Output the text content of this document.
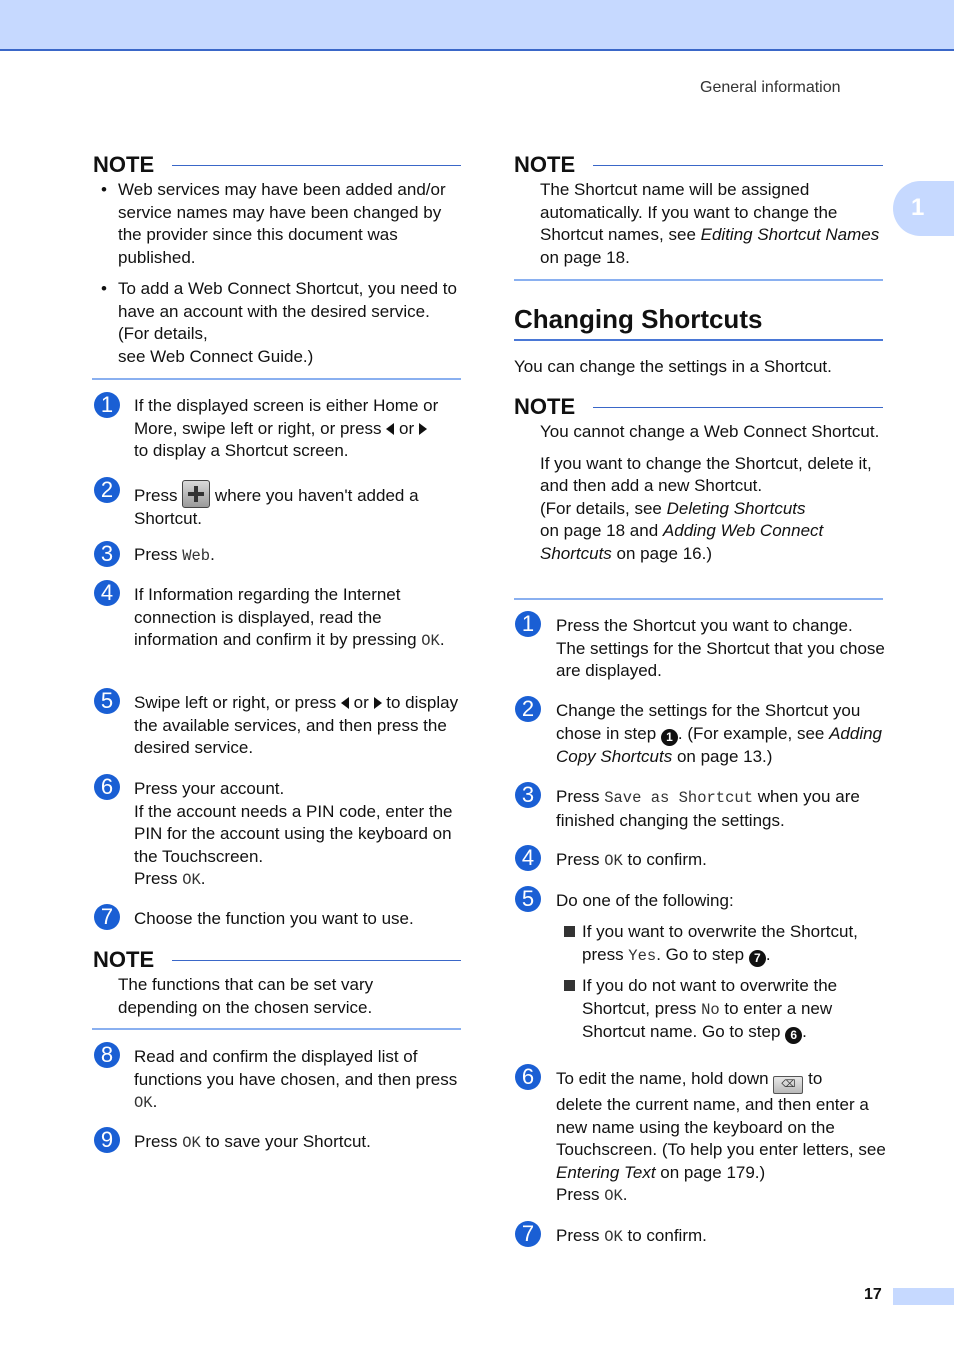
General information
1
NOTE
• Web services may have been added and/or service names may have been changed by the provider since this document was published.
• To add a Web Connect Shortcut, you need to have an account with the desired service. (For details,
see Web Connect Guide.)
1	If the displayed screen is either Home or More, swipe left or right, or press  or
to display a Shortcut screen.
2	Press  where you haven't added a Shortcut.
3	Press Web.
4	If Information regarding the Internet connection is displayed, read the information and confirm it by pressing OK.
5	Swipe left or right, or press  or to display the available services, and then press the desired service.
6	Press your account.
If the account needs a PIN code, enter the PIN for the account using the keyboard on the Touchscreen.
Press OK.
7	Choose the function you want to use.
NOTE
The functions that can be set vary depending on the chosen service.
8	Read and confirm the displayed list of functions you have chosen, and then press OK.
9	Press OK to save your Shortcut.
NOTE
The Shortcut name will be assigned automatically. If you want to change the Shortcut names, see Editing Shortcut Names on page 18.
Changing Shortcuts
You can change the settings in a Shortcut.
NOTE
You cannot change a Web Connect Shortcut.
If you want to change the Shortcut, delete it, and then add a new Shortcut.
(For details, see Deleting Shortcuts
on page 18 and Adding Web Connect Shortcuts on page 16.)
1	Press the Shortcut you want to change. The settings for the Shortcut that you chose are displayed.
2	Change the settings for the Shortcut you chose in step 1 . (For example, see Adding Copy Shortcuts on page 13.)
3	Press Save as Shortcut when you are finished changing the settings.
4	Press OK to confirm.
5	Do one of the following:
If you want to overwrite the Shortcut, press Yes. Go to step 7 .
If you do not want to overwrite the Shortcut, press No to enter a new Shortcut name. Go to step 6 .
6	To edit the name, hold down ⌫ to
delete the current name, and then enter a new name using the keyboard on the Touchscreen. (To help you enter letters, see Entering Text on page 179.)
Press OK.
7	Press OK to confirm.
17
